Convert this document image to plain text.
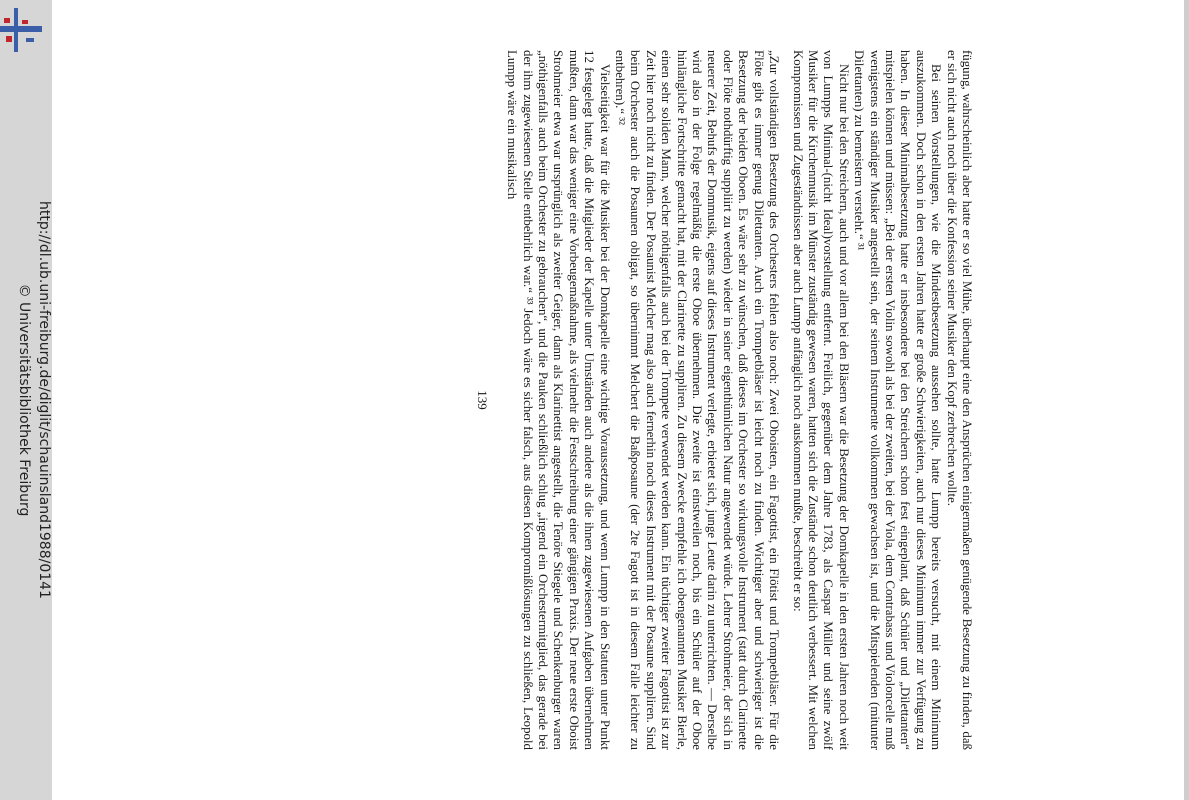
http://dl.ub.uni-freiburg.de/diglit/schauinsland1988/0141
© Universitätsbibliothek Freiburg	fügung, wahrscheinlich aber hatte er so viel Mühe, überhaupt eine den Ansprüchen einigermaßen genügende Besetzung zu finden, daß er sich nicht auch noch über die Konfession seiner Musiker den Kopf zerbrechen wollte.

Bei seinen Vorstellungen, wie die Mindestbesetzung aussehen sollte, hatte Lumpp bereits versucht, mit einem Minimum auszukommen. Doch schon in den ersten Jahren hatte er große Schwierigkeiten, auch nur dieses Minimum immer zur Verfügung zu haben. In dieser Minimalbesetzung hatte er insbesondere bei den Streichern schon fest eingeplant, daß Schüler und „Dilettanten“ mitspielen können und müssen: „Bei der ersten Violin sowohl als bei der zweiten, bei der Viola, dem Contrabass und Violoncelle muß wenigstens ein ständiger Musiker angestellt sein, der seinem Instrumente vollkommen gewachsen ist, und die Mitspielenden (mitunter Dilettanten) zu bemeistern versteht.“ ³¹

Nicht nur bei den Streichern, auch und vor allem bei den Bläsern war die Besetzung der Domkapelle in den ersten Jahren noch weit von Lumpps Minimal-(nicht Ideal)vorstellung entfernt. Freilich, gegenüber dem Jahre 1783, als Caspar Müller und seine zwölf Musiker für die Kirchenmusik im Münster zuständig gewesen waren, hatten sich die Zustände schon deutlich verbessert. Mit welchen Kompromissen und Zugeständnissen aber auch Lumpp anfänglich noch auskommen mußte, beschreibt er so:

„Zur vollständigen Besetzung des Orchesters fehlen also noch: Zwei Oboisten, ein Fagottist, ein Flötist und Trompetbläser. Für die Flöte gibt es immer genug Dilettanten. Auch ein Trompetbläser ist leicht noch zu finden. Wichtiger aber und schwieriger ist die Besetzung der beiden Oboen. Es wäre sehr zu wünschen, daß dieses im Orchester so wirkungsvolle Instrument (statt durch Clarinette oder Flöte nothdürftig suppliirt zu werden) wieder in seiner eigenthümlichen Natur angewendet würde. Lehrer Strohmeier, der sich in neuerer Zeit, Behufs der Dommusik, eigens auf dieses Instrument verlegte, erbietet sich, junge Leute darin zu unterrichten. — Derselbe wird also in der Folge regelmäßig die erste Oboe übernehmen. Die zweite ist einstweilen noch, bis ein Schüler auf der Oboe hinlängliche Fortschritte gemacht hat, mit der Clarinette zu suppliren. Zu diesem Zwecke empfehle ich obengenannten Musiker Bierle, einen sehr soliden Mann, welcher nöthigenfalls auch bei der Trompete verwendet werden kann. Ein tüchtiger zweiter Fagottist ist zur Zeit hier noch nicht zu finden. Der Posaunist Melcher mag also auch fernerhin noch dieses Instrument mit der Posaune suppliren. Sind beim Orchester auch die Posaunen obligat, so übernimmt Melchert die Baßposaune (der 2te Fagott ist in diesem Falle leichter zu entbehren).“ ³²

Vielseitigkeit war für die Musiker bei der Domkapelle eine wichtige Voraussetzung, und wenn Lumpp in den Statuten unter Punkt 12 festgelegt hatte, daß die Mitglieder der Kapelle unter Umständen auch andere als die ihnen zugewiesenen Aufgaben übernehmen mußten, dann war das weniger eine Vorbeugemaßnahme, als vielmehr die Festschreibung einer gängigen Praxis. Der neue erste Oboist Strohmeier etwa war ursprünglich als zweiter Geiger, dann als Klarinettist angestellt, die Tenöre Stiegele und Schenkenburger waren „nöthigenfalls auch beim Orchester zu gebrauchen“, und die Pauken schließlich schlug „irgend ein Orchestermitglied, das gerade bei der ihm zugewiesenen Stelle entbehrlich war.“ ³³ Jedoch wäre es sicher falsch, aus diesen Kompromißlösungen zu schließen, Leopold Lumpp wäre ein musikalisch

139
